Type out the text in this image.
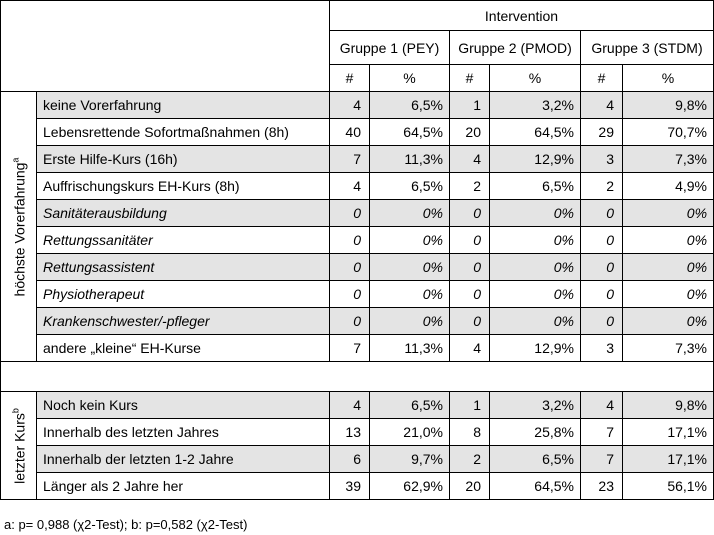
		Intervention					
		Gruppe 1 (PEY)		Gruppe 2 (PMOD)		Gruppe 3 (STDM)	
		#	%	#	%	#	%

höchste Vorerfahrung$^a$	keine Vorerfahrung	4	6,5%	1	3,2%	4	9,8%
	Lebensrettende Sofortmaßnahmen (8h)	40	64,5%	20	64,5%	29	70,7%
	Erste Hilfe-Kurs (16h)	7	11,3%	4	12,9%	3	7,3%
	Auffrischungskurs EH-Kurs (8h)	4	6,5%	2	6,5%	2	4,9%
	Sanitäterausbildung	0	0%	0	0%	0	0%
	Rettungssanitäter	0	0%	0	0%	0	0%
	Rettungsassistent	0	0%	0	0%	0	0%
	Physiotherapeut	0	0%	0	0%	0	0%
	Krankenschwester/-pfleger	0	0%	0	0%	0	0%
	andere „kleine“ EH-Kurse	7	11,3%	4	12,9%	3	7,3%

letzter Kurs$^b$	Noch kein Kurs	4	6,5%	1	3,2%	4	9,8%
	Innerhalb des letzten Jahres	13	21,0%	8	25,8%	7	17,1%
	Innerhalb der letzten 1-2 Jahre	6	9,7%	2	6,5%	7	17,1%
	Länger als 2 Jahre her	39	62,9%	20	64,5%	23	56,1%
a: p= 0,988 (χ2-Test); b: p=0,582 (χ2-Test)
